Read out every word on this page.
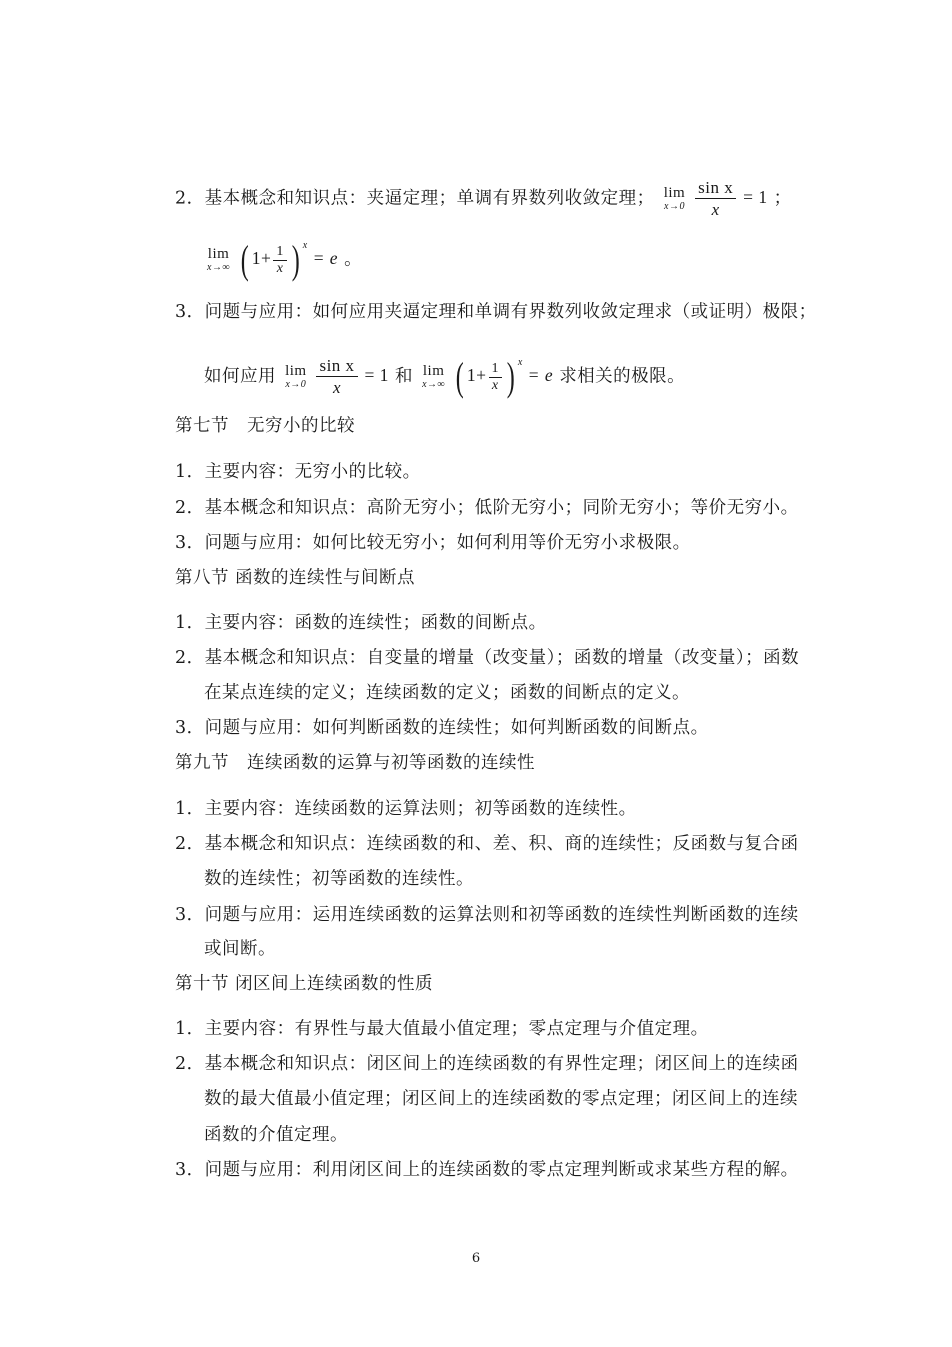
2．基本概念和知识点：夹逼定理；单调有界数列收敛定理； lim
x→0
$\frac{\text{sin x}}{x} = 1$ ；
lim
x→∞ ( $1+ \frac{1}{x}$ ) $^x$ = e 。
3．问题与应用：如何应用夹逼定理和单调有界数列收敛定理求（或证明）极限；
如何应用 lim
x→0
$\frac{\text{sin x}}{x} = 1$ 和 lim
x→∞ ( $1+ \frac{1}{x}$ ) $^x$ = e 求相关的极限。
第七节　无穷小的比较
1．主要内容：无穷小的比较。
2．基本概念和知识点：高阶无穷小；低阶无穷小；同阶无穷小；等价无穷小。
3．问题与应用：如何比较无穷小；如何利用等价无穷小求极限。
第八节 函数的连续性与间断点
1．主要内容：函数的连续性；函数的间断点。
2．基本概念和知识点：自变量的增量（改变量）；函数的增量（改变量）；函数
在某点连续的定义；连续函数的定义；函数的间断点的定义。
3．问题与应用：如何判断函数的连续性；如何判断函数的间断点。
第九节　连续函数的运算与初等函数的连续性
1．主要内容：连续函数的运算法则；初等函数的连续性。
2．基本概念和知识点：连续函数的和、差、积、商的连续性；反函数与复合函
数的连续性；初等函数的连续性。
3．问题与应用：运用连续函数的运算法则和初等函数的连续性判断函数的连续
或间断。
第十节 闭区间上连续函数的性质
1．主要内容：有界性与最大值最小值定理；零点定理与介值定理。
2．基本概念和知识点：闭区间上的连续函数的有界性定理；闭区间上的连续函
数的最大值最小值定理；闭区间上的连续函数的零点定理；闭区间上的连续
函数的介值定理。
3．问题与应用：利用闭区间上的连续函数的零点定理判断或求某些方程的解。
6
